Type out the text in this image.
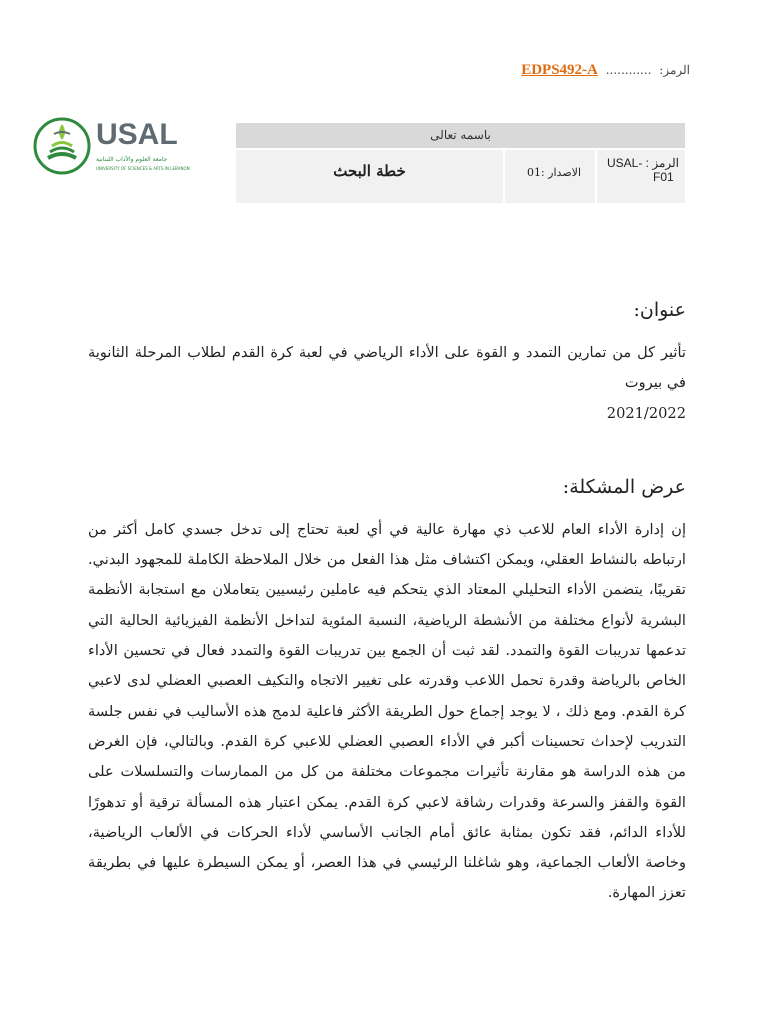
الرمز: ............ EDPS492-A
USAL
جامعة العلوم والآداب اللبنانية
UNIVERSITY OF SCIENCES & ARTS IN LEBANON
باسمه تعالى
الرمز : -USAL
F01
الاصدار :01
خطة البحث

عنوان:

تأثير كل من تمارين التمدد و القوة على الأداء الرياضي في لعبة كرة القدم لطلاب المرحلة الثانوية في بيروت

2021/2022

عرض المشكلة:

إن إدارة الأداء العام للاعب ذي مهارة عالية في أي لعبة تحتاج إلى تدخل جسدي كامل أكثر من ارتباطه بالنشاط العقلي، ويمكن اكتشاف مثل هذا الفعل من خلال الملاحظة الكاملة للمجهود البدني. تقريبًا، يتضمن الأداء التحليلي المعتاد الذي يتحكم فيه عاملين رئيسيين يتعاملان مع استجابة الأنظمة البشرية لأنواع مختلفة من الأنشطة الرياضية، النسبة المئوية لتداخل الأنظمة الفيزيائية الحالية التي تدعمها تدريبات القوة والتمدد. لقد ثبت أن الجمع بين تدريبات القوة والتمدد فعال في تحسين الأداء الخاص بالرياضة وقدرة تحمل اللاعب وقدرته على تغيير الاتجاه والتكيف العصبي العضلي لدى لاعبي كرة القدم. ومع ذلك ، لا يوجد إجماع حول الطريقة الأكثر فاعلية لدمج هذه الأساليب في نفس جلسة التدريب لإحداث تحسينات أكبر في الأداء العصبي العضلي للاعبي كرة القدم. وبالتالي، فإن الغرض من هذه الدراسة هو مقارنة تأثيرات مجموعات مختلفة من كل من الممارسات والتسلسلات على القوة والقفز والسرعة وقدرات رشاقة لاعبي كرة القدم. يمكن اعتبار هذه المسألة ترقية أو تدهورًا للأداء الدائم، فقد تكون بمثابة عائق أمام الجانب الأساسي لأداء الحركات في الألعاب الرياضية، وخاصة الألعاب الجماعية، وهو شاغلنا الرئيسي في هذا العصر، أو يمكن السيطرة عليها في بطريقة تعزز المهارة.
